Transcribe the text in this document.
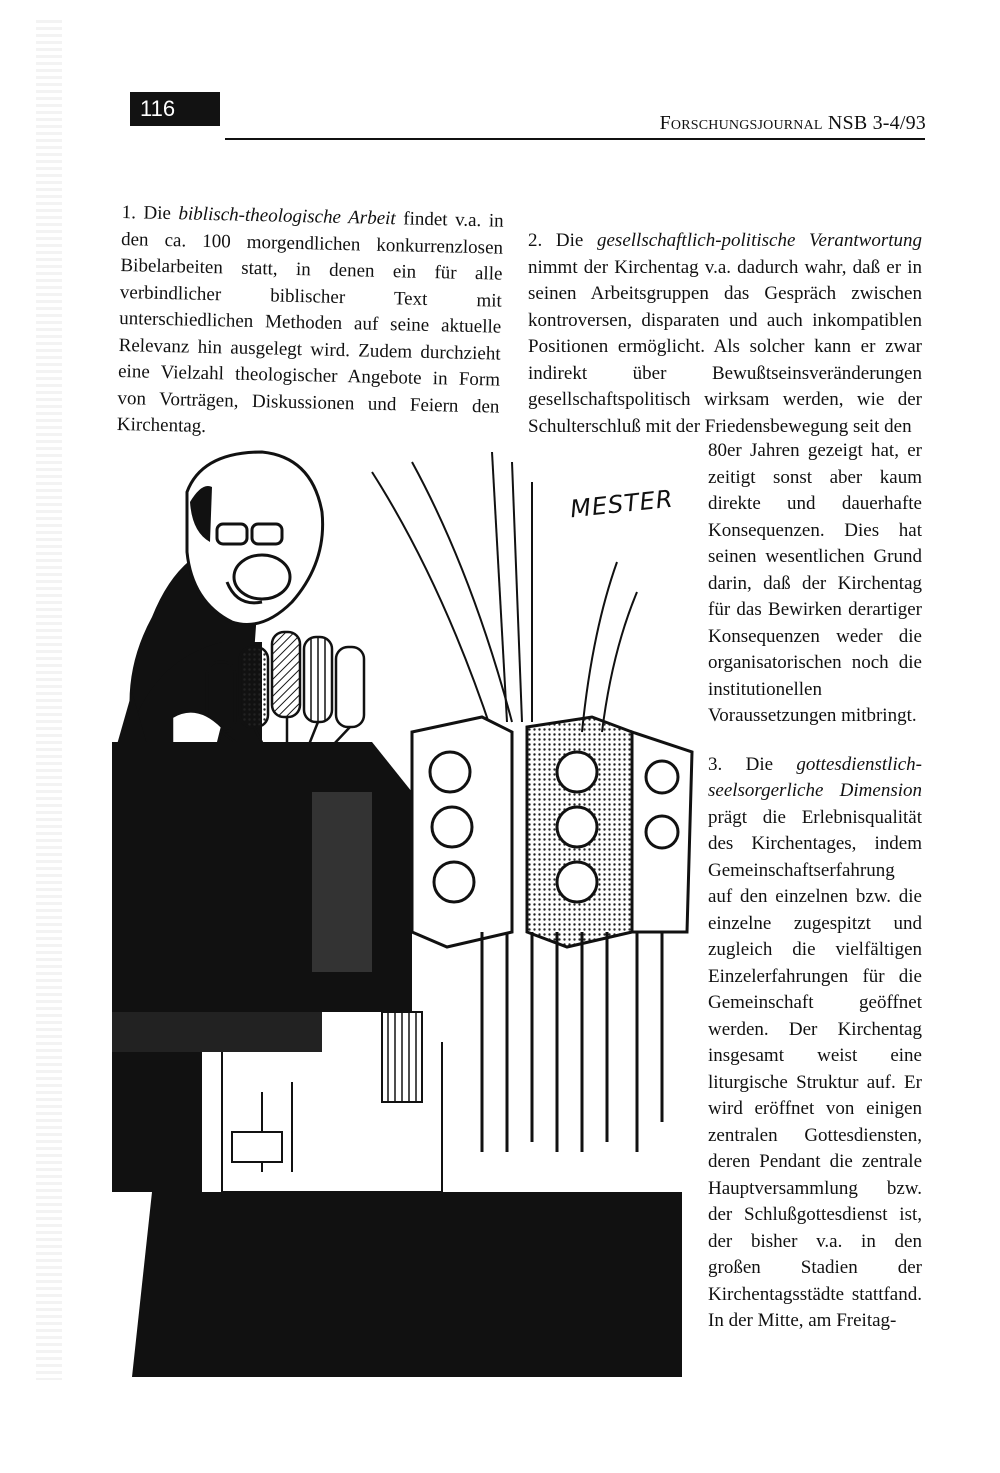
116
Forschungsjournal NSB 3-4/93

1. Die biblisch-theologische Arbeit findet v.a. in den ca. 100 morgendlichen konkurrenzlosen Bibelarbeiten statt, in denen ein für alle verbindlicher biblischer Text mit unterschiedlichen Methoden auf seine aktuelle Relevanz hin ausgelegt wird. Zudem durchzieht eine Vielzahl theologischer Angebote in Form von Vorträgen, Diskussionen und Feiern den Kirchentag.

2. Die gesellschaftlich-politische Verantwortung nimmt der Kirchentag v.a. dadurch wahr, daß er in seinen Arbeitsgruppen das Gespräch zwischen kontroversen, disparaten und auch inkompatiblen Positionen ermöglicht. Als solcher kann er zwar indirekt über Bewußtseinsveränderungen gesellschaftspolitisch wirksam werden, wie der Schulterschluß mit der Friedensbewegung seit den

80er Jahren gezeigt hat, er zeitigt sonst aber kaum direkte und dauerhafte Konsequenzen. Dies hat seinen wesentlichen Grund darin, daß der Kirchentag für das Bewirken derartiger Konsequenzen weder die organisatorischen noch die institutionellen Voraussetzungen mitbringt.

3. Die gottesdienstlich-seelsorgerliche Dimension prägt die Erlebnisqualität des Kirchentages, indem Gemeinschaftserfahrung auf den einzelnen bzw. die einzelne zugespitzt und zugleich die vielfältigen Einzelerfahrungen für die Gemeinschaft geöffnet werden. Der Kirchentag insgesamt weist eine liturgische Struktur auf. Er wird eröffnet von einigen zentralen Gottesdiensten, deren Pendant die zentrale Hauptversammlung bzw. der Schlußgottesdienst ist, der bisher v.a. in den großen Stadien der Kirchentagsstädte stattfand. In der Mitte, am Freitag-

MESTER
